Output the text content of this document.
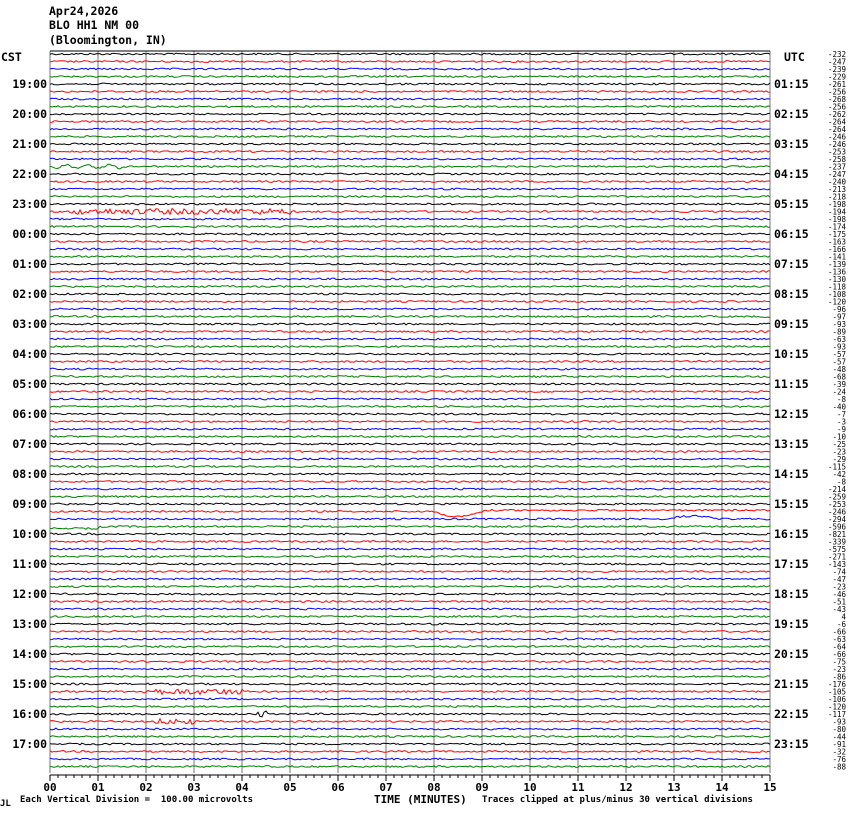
00	01	02	03	04	05	06	07	08	09	10	11	12	13	14	15
19:00
20:00
21:00
22:00
23:00
00:00
01:00
02:00
03:00
04:00
05:00
06:00
07:00
08:00
09:00
10:00
11:00
12:00
13:00
14:00
15:00
16:00
17:00
01:15
02:15
03:15
04:15
05:15
06:15
07:15
08:15
09:15
10:15
11:15
12:15
13:15
14:15
15:15
16:15
17:15
18:15
19:15
20:15
21:15
22:15
23:15
-232
-247
-239
-229
-261
-256
-268
-256
-262
-264
-264
-246
-246
-253
-258
-237
-247
-240
-213
-218
-198
-194
-198
-174
-175
-163
-166
-141
-139
-136
-130
-118
-108
-120
-96
-97
-93
-89
-63
-93
-57
-57
-48
-68
-39
-24
-8
-40
-7
-3
-9
-10
-25
-23
-29
-115
-42
-8
-214
-259
-253
-246
-294
-596
-821
-339
-575
-271
-143
-74
-47
-23
-46
-51
-43
4
-6
-66
-63
-64
-66
-75
-23
-86
-176
-105
-106
-120
-117
-93
-80
-44
-91
-32
-76
-88
Apr24,2026
BLO HH1 NM 00
(Bloomington, IN)
CST	UTC
JL Each Vertical Division =  100.00 microvolts	TIME (MINUTES) Traces clipped at plus/minus 30 vertical divisions
